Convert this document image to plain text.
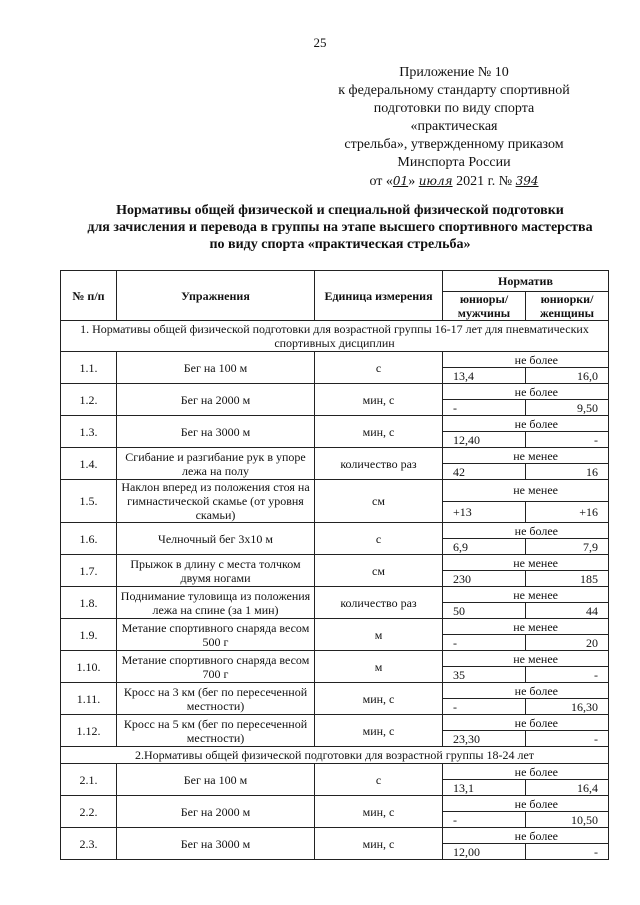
25
Приложение № 10
к федеральному стандарту спортивной
подготовки по виду спорта «практическая
стрельба», утвержденному приказом
Минспорта России
от «01» июля 2021 г. № 394
Нормативы общей физической и специальной физической подготовки
для зачисления и перевода в группы на этапе высшего спортивного мастерства
по виду спорта «практическая стрельба»
№ п/п	Упражнения	Единица измерения	Норматив	
			юниоры/ мужчины	юниорки/ женщины
1. Нормативы общей физической подготовки для возрастной группы 16-17 лет для пневматических спортивных дисциплин				
1.1.	Бег на 100 м	с	не более	
			13,4	16,0
1.2.	Бег на 2000 м	мин, с	не более	
			-	9,50
1.3.	Бег на 3000 м	мин, с	не более	
			12,40	-
1.4.	Сгибание и разгибание рук в упоре лежа на полу	количество раз	не менее	
			42	16
1.5.	Наклон вперед из положения стоя на гимнастической скамье (от уровня скамьи)	см	не менее	
			+13	+16
1.6.	Челночный бег 3x10 м	с	не более	
			6,9	7,9
1.7.	Прыжок в длину с места толчком двумя ногами	см	не менее	
			230	185
1.8.	Поднимание туловища из положения лежа на спине (за 1 мин)	количество раз	не менее	
			50	44
1.9.	Метание спортивного снаряда весом 500 г	м	не менее	
			-	20
1.10.	Метание спортивного снаряда весом 700 г	м	не менее	
			35	-
1.11.	Кросс на 3 км (бег по пересеченной местности)	мин, с	не более	
			-	16,30
1.12.	Кросс на 5 км (бег по пересеченной местности)	мин, с	не более	
			23,30	-
2.Нормативы общей физической подготовки для возрастной группы 18-24 лет				
2.1.	Бег на 100 м	с	не более	
			13,1	16,4
2.2.	Бег на 2000 м	мин, с	не более	
			-	10,50
2.3.	Бег на 3000 м	мин, с	не более	
			12,00	-
